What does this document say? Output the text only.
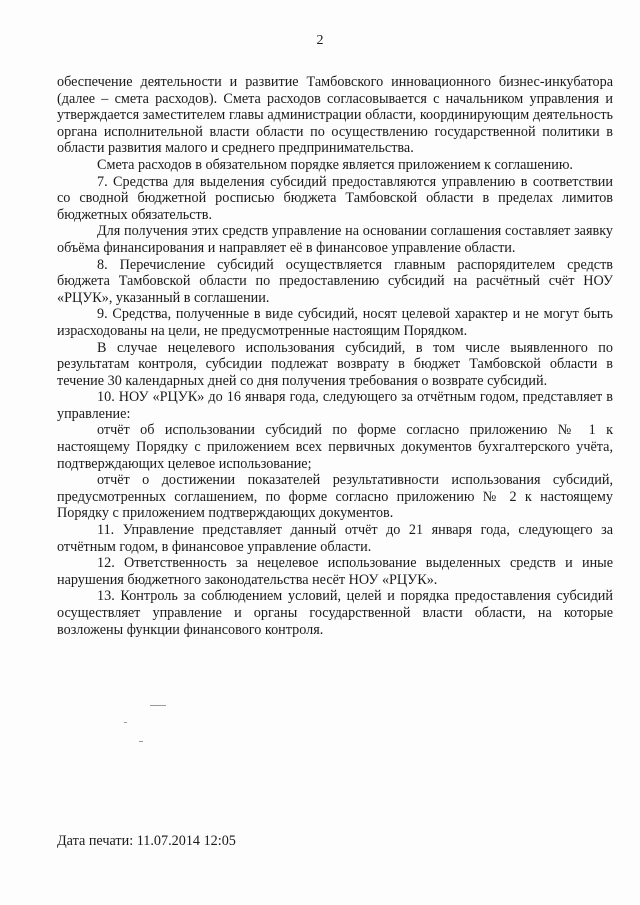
2

обеспечение деятельности и развитие Тамбовского инновационного бизнес-инкубатора (далее – смета расходов). Смета расходов согласовывается с начальником управления и утверждается заместителем главы администрации области, координирующим деятельность органа исполнительной власти области по осуществлению государственной политики в области развития малого и среднего предпринимательства.

Смета расходов в обязательном порядке является приложением к соглашению.

7. Средства для выделения субсидий предоставляются управлению в соответствии со сводной бюджетной росписью бюджета Тамбовской области в пределах лимитов бюджетных обязательств.

Для получения этих средств управление на основании соглашения составляет заявку объёма финансирования и направляет её в финансовое управление области.

8. Перечисление субсидий осуществляется главным распорядителем средств бюджета Тамбовской области по предоставлению субсидий на расчётный счёт НОУ «РЦУК», указанный в соглашении.

9. Средства, полученные в виде субсидий, носят целевой характер и не могут быть израсходованы на цели, не предусмотренные настоящим Порядком.

В случае нецелевого использования субсидий, в том числе выявленного по результатам контроля, субсидии подлежат возврату в бюджет Тамбовской области в течение 30 календарных дней со дня получения требования о возврате субсидий.

10. НОУ «РЦУК» до 16 января года, следующего за отчётным годом, представляет в управление:

отчёт об использовании субсидий по форме согласно приложению № 1 к настоящему Порядку с приложением всех первичных документов бухгалтерского учёта, подтверждающих целевое использование;

отчёт о достижении показателей результативности использования субсидий, предусмотренных соглашением, по форме согласно приложению № 2 к настоящему Порядку с приложением подтверждающих документов.

11. Управление представляет данный отчёт до 21 января года, следующего за отчётным годом, в финансовое управление области.

12. Ответственность за нецелевое использование выделенных средств и иные нарушения бюджетного законодательства несёт НОУ «РЦУК».

13. Контроль за соблюдением условий, целей и порядка предоставления субсидий осуществляет управление и органы государственной власти области, на которые возложены функции финансового контроля.

Дата печати: 11.07.2014 12:05
